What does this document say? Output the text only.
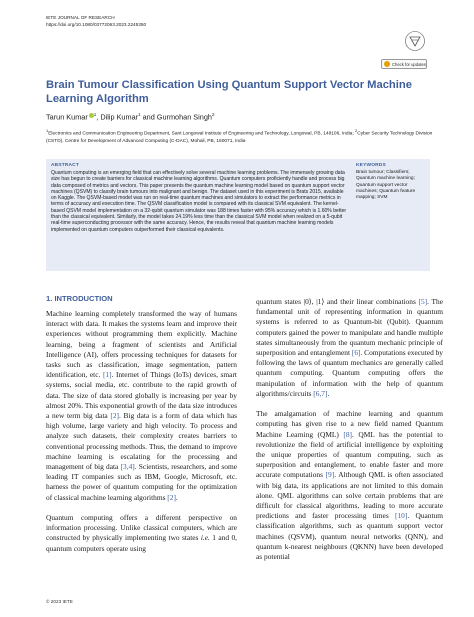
IETE JOURNAL OF RESEARCH
https://doi.org/10.1080/03772063.2023.2245350
Check for updates
Brain Tumour Classification Using Quantum Support Vector Machine Learning Algorithm
Tarun Kumar $^1$, Dilip Kumar$^1$ and Gurmohan Singh$^2$
$^1$Electronics and Communication Engineering Department, Sant Longowal Institute of Engineering and Technology, Longowal, PB, 148106, India; $^2$Cyber Security Technology Division (CSTD), Centre for Development of Advanced Computing (C-DAC), Mohali, PB, 160071, India
ABSTRACT
Quantum computing is an emerging field that can effectively solve several machine learning problems. The immensely growing data size has begun to create barriers for classical machine learning algorithms. Quantum computers proficiently handle and process big data composed of metrics and vectors. This paper presents the quantum machine learning model based on quantum support vector machines (QSVM) to classify brain tumours into malignant and benign. The dataset used in this experiment is Brats 2015, available on Kaggle. The QSVM-based model was run on real-time quantum machines and simulators to extract the performance metrics in terms of accuracy and execution time. The QSVM classification model is compared with its classical SVM equivalent. The kernel-based QSVM model implementation on a 32-qubit quantum simulator was 188 times faster with 95% accuracy which is 1.60% better than the classical equivalent. Similarly, the model takes 24.19% less time than the classical SVM model when realized on a 5-qubit real-time superconducting processor with the same accuracy. Hence, the results reveal that quantum machine learning models implemented on quantum computers outperformed their classical equivalents.
KEYWORDS
Brain tumour; Classifiers; Quantum machine learning; Quantum support vector machines; Quantum feature mapping; SVM
1. INTRODUCTION

Machine learning completely transformed the way of humans interact with data. It makes the systems learn and improve their experiences without programming them explicitly. Machine learning, being a fragment of scientists and Artificial Intelligence (AI), offers processing techniques for datasets for tasks such as classification, image segmentation, pattern identification, etc. [1]. Internet of Things (IoTs) devices, smart systems, social media, etc. contribute to the rapid growth of data. The size of data stored globally is increasing per year by almost 20%. This exponential growth of the data size introduces a new term big data [2]. Big data is a form of data which has high volume, large variety and high velocity. To process and analyze such datasets, their complexity creates barriers to conventional processing methods. Thus, the demand to improve machine learning is escalating for the processing and management of big data [3,4]. Scientists, researchers, and some leading IT companies such as IBM, Google, Microsoft, etc. harness the power of quantum computing for the optimization of classical machine learning algorithms [2].

Quantum computing offers a different perspective on information processing. Unlike classical computers, which are constructed by physically implementing two states i.e. 1 and 0, quantum computers operate using

quantum states |0⟩, |1⟩ and their linear combinations [5]. The fundamental unit of representing information in quantum systems is referred to as Quantum-bit (Qubit). Quantum computers gained the power to manipulate and handle multiple states simultaneously from the quantum mechanic principle of superposition and entanglement [6]. Computations executed by following the laws of quantum mechanics are generally called quantum computing. Quantum computing offers the manipulation of information with the help of quantum algorithms/circuits [6,7].

The amalgamation of machine learning and quantum computing has given rise to a new field named Quantum Machine Learning (QML) [8]. QML has the potential to revolutionize the field of artificial intelligence by exploiting the unique properties of quantum computing, such as superposition and entanglement, to enable faster and more accurate computations [9]. Although QML is often associated with big data, its applications are not limited to this domain alone. QML algorithms can solve certain problems that are difficult for classical algorithms, leading to more accurate predictions and faster processing times [10]. Quantum classification algorithms, such as quantum support vector machines (QSVM), quantum neural networks (QNN), and quantum k-nearest neighbours (QKNN) have been developed as potential

© 2023 IETE
